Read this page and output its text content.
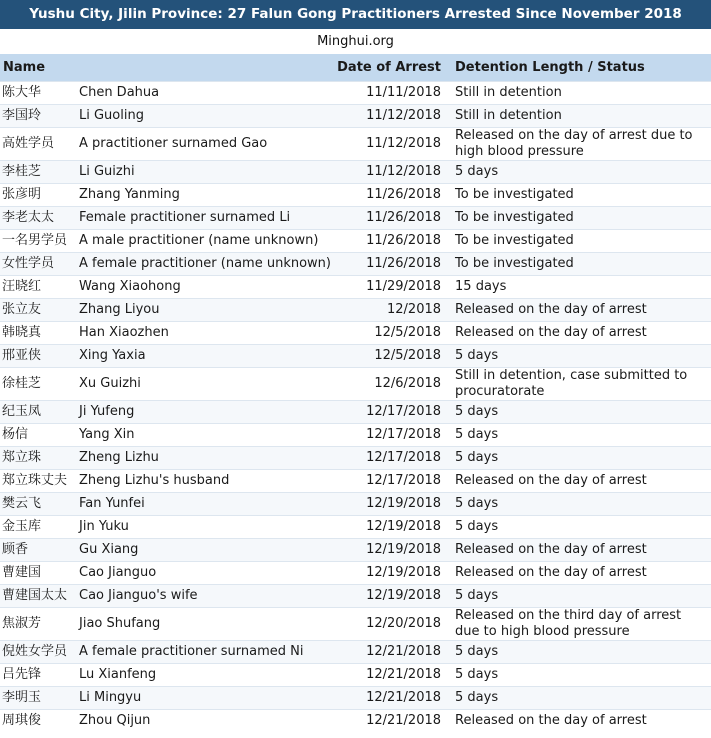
Yushu City, Jilin Province: 27 Falun Gong Practitioners Arrested Since November 2018
Minghui.org
Name		Date of Arrest	Detention Length / Status
陈大华	Chen Dahua	11/11/2018	Still in detention
李国玲	Li Guoling	11/12/2018	Still in detention
高姓学员	A practitioner surnamed Gao	11/12/2018	Released on the day of arrest due to high blood pressure
李桂芝	Li Guizhi	11/12/2018	5 days
张彦明	Zhang Yanming	11/26/2018	To be investigated
李老太太	Female practitioner surnamed Li	11/26/2018	To be investigated
一名男学员	A male practitioner (name unknown)	11/26/2018	To be investigated
女性学员	A female practitioner (name unknown)	11/26/2018	To be investigated
汪晓红	Wang Xiaohong	11/29/2018	15 days
张立友	Zhang Liyou	12/2018	Released on the day of arrest
韩晓真	Han Xiaozhen	12/5/2018	Released on the day of arrest
邢亚侠	Xing Yaxia	12/5/2018	5 days
徐桂芝	Xu Guizhi	12/6/2018	Still in detention, case submitted to procuratorate
纪玉凤	Ji Yufeng	12/17/2018	5 days
杨信	Yang Xin	12/17/2018	5 days
郑立珠	Zheng Lizhu	12/17/2018	5 days
郑立珠丈夫	Zheng Lizhu's husband	12/17/2018	Released on the day of arrest
樊云飞	Fan Yunfei	12/19/2018	5 days
金玉库	Jin Yuku	12/19/2018	5 days
顾香	Gu Xiang	12/19/2018	Released on the day of arrest
曹建国	Cao Jianguo	12/19/2018	Released on the day of arrest
曹建国太太	Cao Jianguo's wife	12/19/2018	5 days
焦淑芳	Jiao Shufang	12/20/2018	Released on the third day of arrest due to high blood pressure
倪姓女学员	A female practitioner surnamed Ni	12/21/2018	5 days
吕先锋	Lu Xianfeng	12/21/2018	5 days
李明玉	Li Mingyu	12/21/2018	5 days
周琪俊	Zhou Qijun	12/21/2018	Released on the day of arrest
